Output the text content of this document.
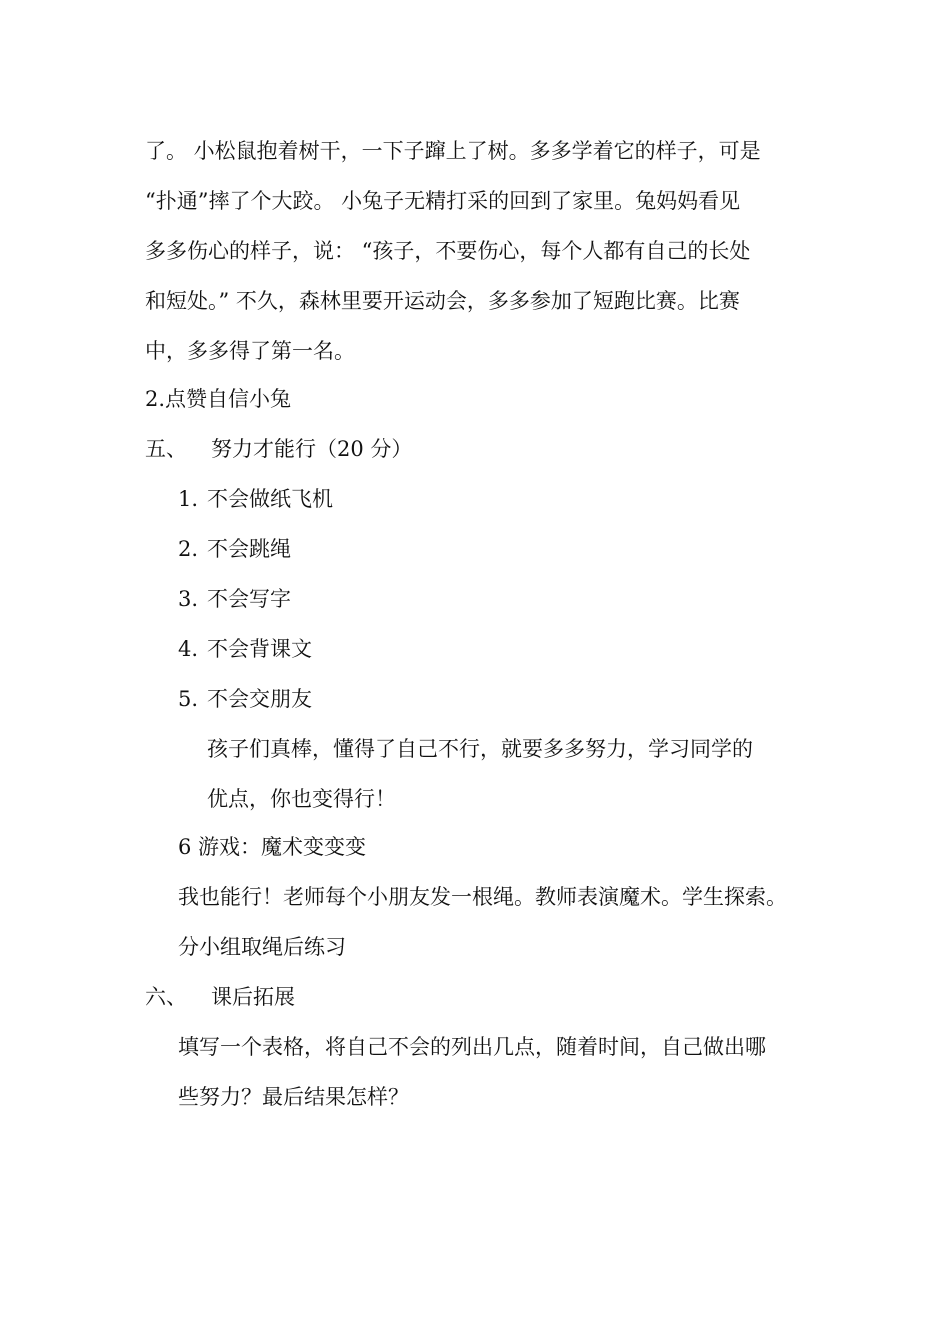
了。 小松鼠抱着树干，一下子蹿上了树。多多学着它的样子，可是
“扑通”摔了个大跤。 小兔子无精打采的回到了家里。兔妈妈看见
多多伤心的样子，说： “孩子，不要伤心，每个人都有自己的长处
和短处。” 不久，森林里要开运动会，多多参加了短跑比赛。比赛
中，多多得了第一名。
2.点赞自信小兔
五、 努力才能行（20 分）
1. 不会做纸飞机
2. 不会跳绳
3. 不会写字
4. 不会背课文
5. 不会交朋友
孩子们真棒，懂得了自己不行，就要多多努力，学习同学的
优点，你也变得行！
6 游戏：魔术变变变
我也能行！老师每个小朋友发一根绳。教师表演魔术。学生探索。
分小组取绳后练习
六、 课后拓展
填写一个表格，将自己不会的列出几点，随着时间，自己做出哪
些努力？最后结果怎样？
